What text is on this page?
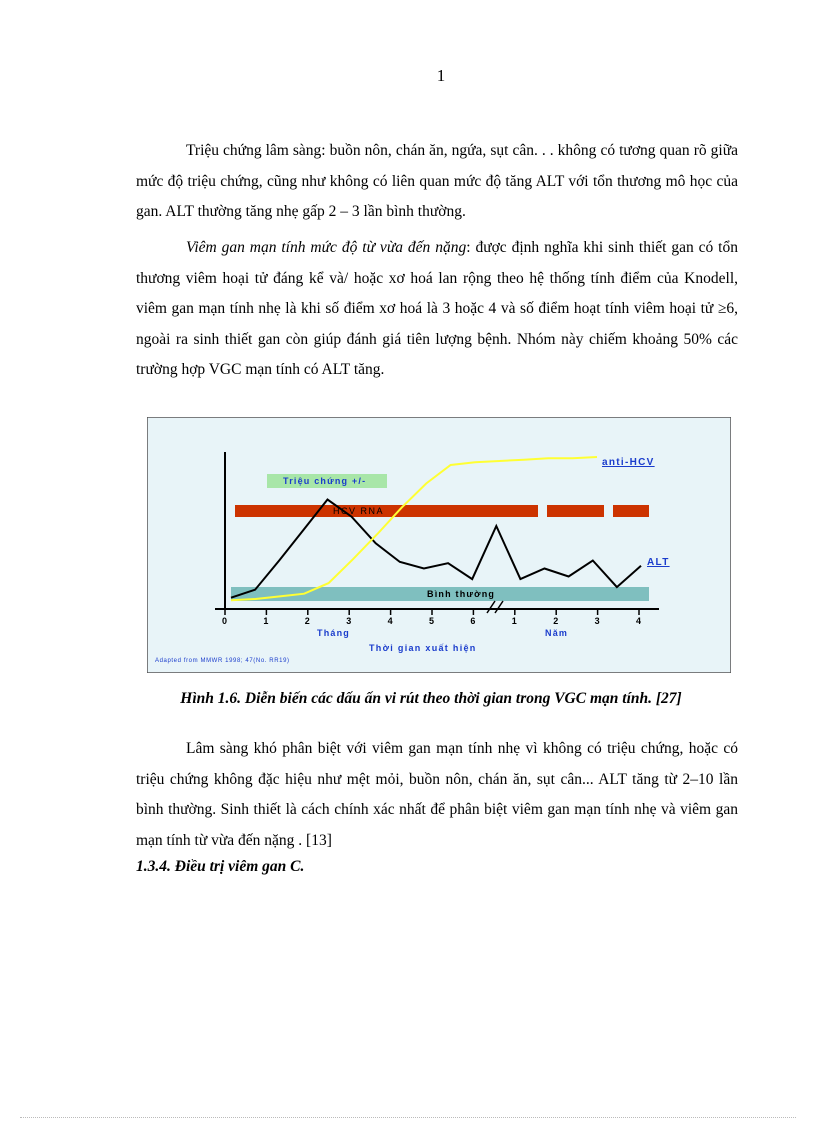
1

Triệu chứng lâm sàng: buồn nôn, chán ăn, ngứa, sụt cân. . . không có tương quan rõ giữa mức độ triệu chứng, cũng như không có liên quan mức độ tăng ALT với tổn thương mô học của gan. ALT thường tăng nhẹ gấp 2 – 3 lần bình thường.

Viêm gan mạn tính mức độ từ vừa đến nặng: được định nghĩa khi sinh thiết gan có tổn thương viêm hoại tử đáng kể và/ hoặc xơ hoá lan rộng theo hệ thống tính điểm của Knodell, viêm gan mạn tính nhẹ là khi số điểm xơ hoá là 3 hoặc 4 và số điểm hoạt tính viêm hoại tử ≥6, ngoài ra sinh thiết gan còn giúp đánh giá tiên lượng bệnh. Nhóm này chiếm khoảng 50% các trường hợp VGC mạn tính có ALT tăng.

Bình thường
HCV RNA
Triệu chứng +/-
anti-HCV
ALT
0	1	2	3	4	5	6	1	2	3	4
Tháng	Năm
Thời gian xuất hiện
Adapted from MMWR 1998; 47(No. RR19)
Hình 1.6. Diễn biến các dấu ấn vi rút theo thời gian trong VGC mạn tính. [27]

Lâm sàng khó phân biệt với viêm gan mạn tính nhẹ vì không có triệu chứng, hoặc có triệu chứng không đặc hiệu như mệt mỏi, buồn nôn, chán ăn, sụt cân... ALT tăng từ 2–10 lần bình thường. Sinh thiết là cách chính xác nhất để phân biệt viêm gan mạn tính nhẹ và viêm gan mạn tính từ vừa đến nặng . [13]

1.3.4. Điều trị viêm gan C.
